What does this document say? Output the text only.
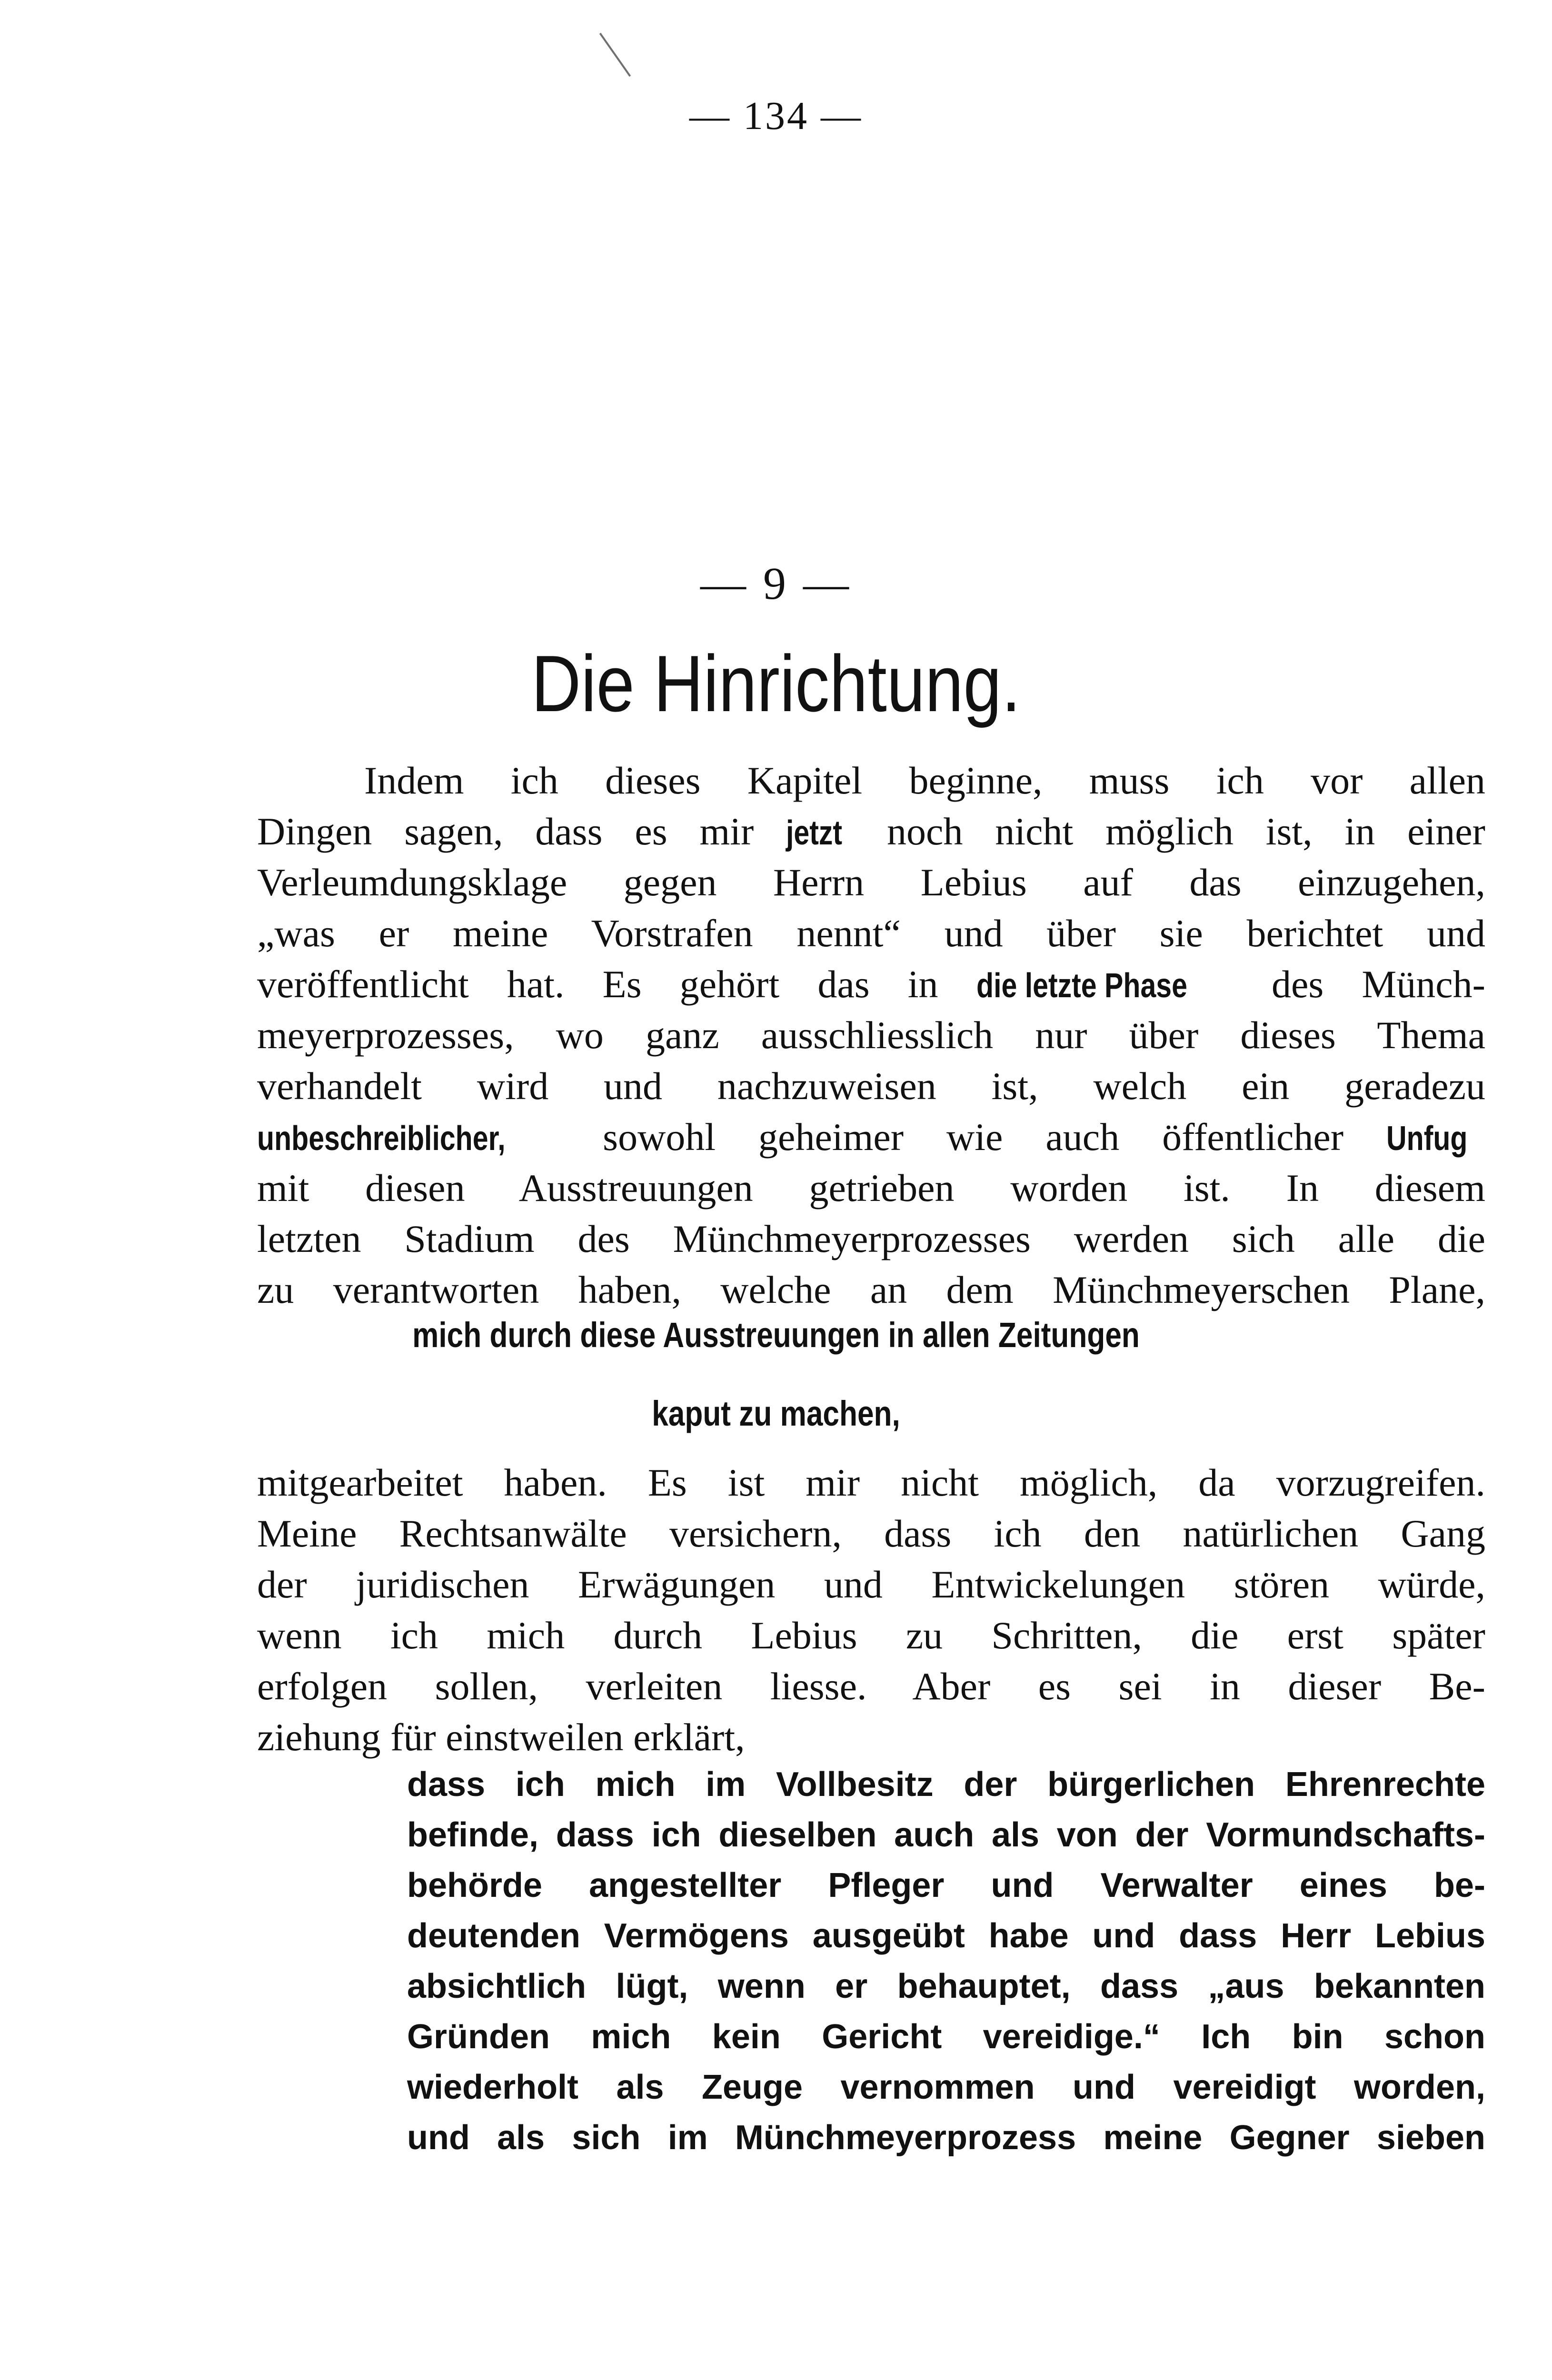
— 134 —
— 9 —
Die Hinrichtung.
Indem ich dieses Kapitel beginne, muss ich vor allen
Dingen sagen, dass es mir jetzt noch nicht möglich ist, in einer
Verleumdungsklage gegen Herrn Lebius auf das einzugehen,
„was er meine Vorstrafen nennt“ und über sie berichtet und
veröffentlicht hat. Es gehört das in die letzte Phase des Münch-
meyerprozesses, wo ganz ausschliesslich nur über dieses Thema
verhandelt wird und nachzuweisen ist, welch ein geradezu
unbeschreiblicher, sowohl geheimer wie auch öffentlicher Unfug
mit diesen Ausstreuungen getrieben worden ist. In diesem
letzten Stadium des Münchmeyerprozesses werden sich alle die
zu verantworten haben, welche an dem Münchmeyerschen Plane,
mich durch diese Ausstreuungen in allen Zeitungen
kaput zu machen,
mitgearbeitet haben. Es ist mir nicht möglich, da vorzugreifen.
Meine Rechtsanwälte versichern, dass ich den natürlichen Gang
der juridischen Erwägungen und Entwickelungen stören würde,
wenn ich mich durch Lebius zu Schritten, die erst später
erfolgen sollen, verleiten liesse. Aber es sei in dieser Be-
ziehung für einstweilen erklärt,
dass ich mich im Vollbesitz der bürgerlichen Ehrenrechte
befinde, dass ich dieselben auch als von der Vormundschafts-
behörde angestellter Pfleger und Verwalter eines be-
deutenden Vermögens ausgeübt habe und dass Herr Lebius
absichtlich lügt, wenn er behauptet, dass „aus bekannten
Gründen mich kein Gericht vereidige.“ Ich bin schon
wiederholt als Zeuge vernommen und vereidigt worden,
und als sich im Münchmeyerprozess meine Gegner sieben
